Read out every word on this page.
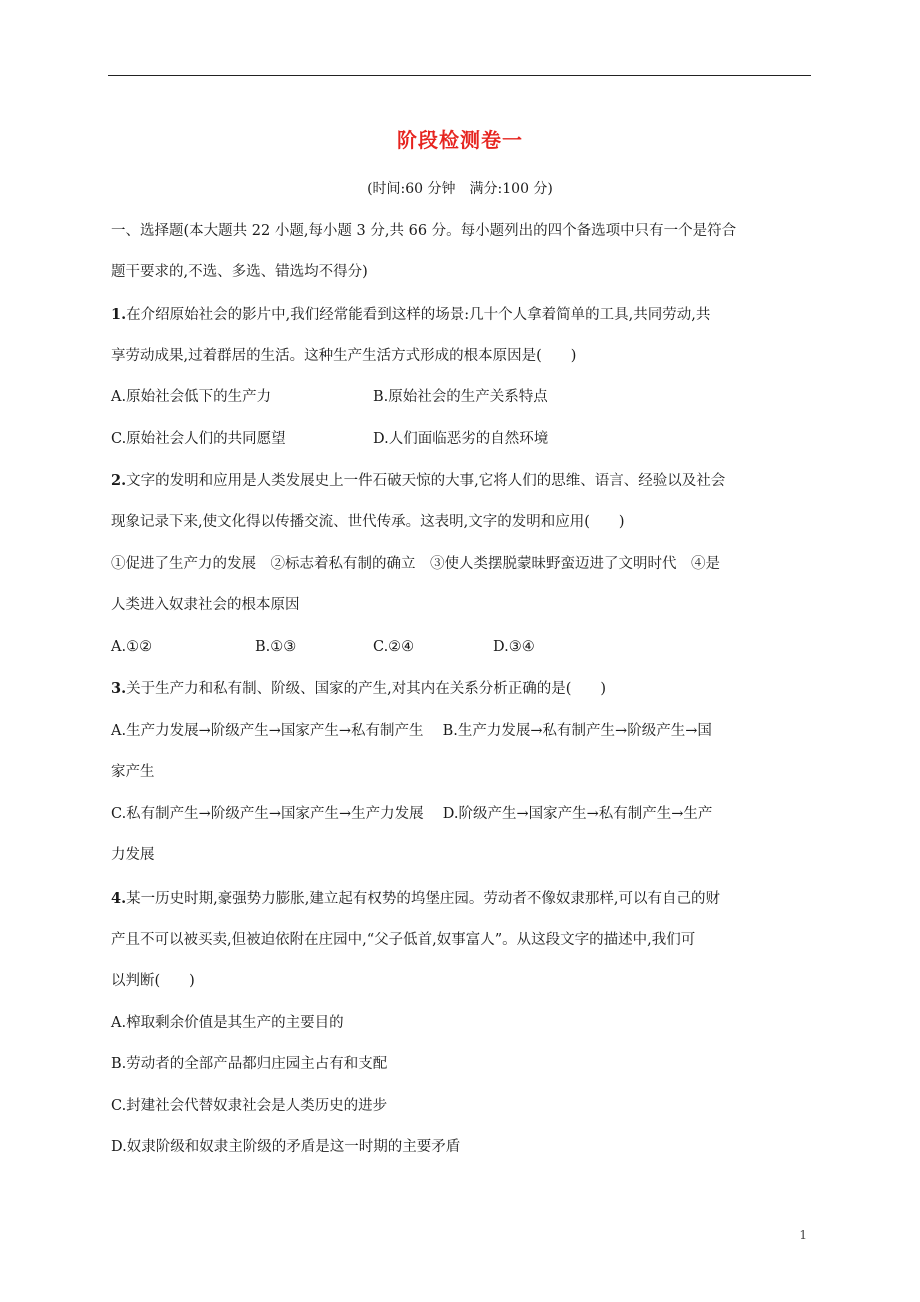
阶段检测卷一
(时间:60 分钟　满分:100 分)
一、选择题(本大题共 22 小题,每小题 3 分,共 66 分。每小题列出的四个备选项中只有一个是符合
题干要求的,不选、多选、错选均不得分)
1.在介绍原始社会的影片中,我们经常能看到这样的场景:几十个人拿着简单的工具,共同劳动,共
享劳动成果,过着群居的生活。这种生产生活方式形成的根本原因是(　　)
A.原始社会低下的生产力	B.原始社会的生产关系特点
C.原始社会人们的共同愿望	D.人们面临恶劣的自然环境
2.文字的发明和应用是人类发展史上一件石破天惊的大事,它将人们的思维、语言、经验以及社会
现象记录下来,使文化得以传播交流、世代传承。这表明,文字的发明和应用(　　)
①促进了生产力的发展　②标志着私有制的确立　③使人类摆脱蒙昧野蛮迈进了文明时代　④是
人类进入奴隶社会的根本原因
A.①②	B.①③	C.②④	D.③④
3.关于生产力和私有制、阶级、国家的产生,对其内在关系分析正确的是(　　)
A.生产力发展→阶级产生→国家产生→私有制产生　 B.生产力发展→私有制产生→阶级产生→国
家产生
C.私有制产生→阶级产生→国家产生→生产力发展　 D.阶级产生→国家产生→私有制产生→生产
力发展
4.某一历史时期,豪强势力膨胀,建立起有权势的坞堡庄园。劳动者不像奴隶那样,可以有自己的财
产且不可以被买卖,但被迫依附在庄园中,“父子低首,奴事富人”。从这段文字的描述中,我们可
以判断(　　)
A.榨取剩余价值是其生产的主要目的
B.劳动者的全部产品都归庄园主占有和支配
C.封建社会代替奴隶社会是人类历史的进步
D.奴隶阶级和奴隶主阶级的矛盾是这一时期的主要矛盾
1
